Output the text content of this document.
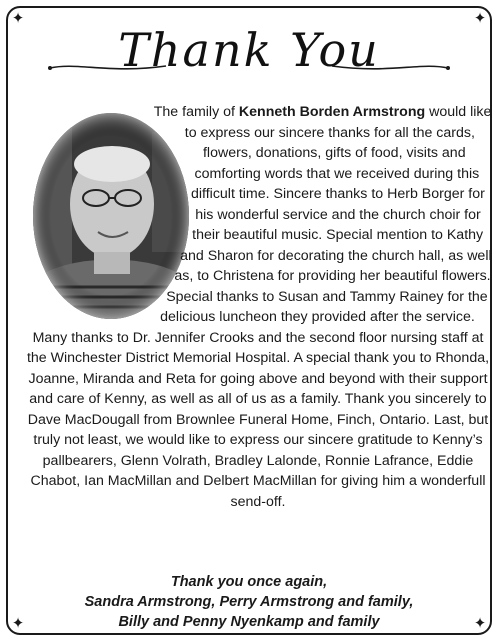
✦	✦
✦	✦
Thank You
The family of Kenneth Borden Armstrong would like to express our sincere thanks for all the cards, flowers, donations, gifts of food, visits and comforting words that we received during this difficult time. Sincere thanks to Herb Borger for his wonderful service and the church choir for their beautiful music. Special mention to Kathy and Sharon for decorating the church hall, as well as, to Christena for providing her beautiful flowers. Special thanks to Susan and Tammy Rainey for the delicious luncheon they provided after the service. Many thanks to Dr. Jennifer Crooks and the second floor nursing staff at the Winchester District Memorial Hospital. A special thank you to Rhonda, Joanne, Miranda and Reta for going above and beyond with their support and care of Kenny, as well as all of us as a family. Thank you sincerely to Dave MacDougall from Brownlee Funeral Home, Finch, Ontario. Last, but truly not least, we would like to express our sincere gratitude to Kenny’s pallbearers, Glenn Volrath, Bradley Lalonde, Ronnie Lafrance, Eddie Chabot, Ian MacMillan and Delbert MacMillan for giving him a wonderfull send-off.
Thank you once again,
Sandra Armstrong, Perry Armstrong and family,
Billy and Penny Nyenkamp and family
